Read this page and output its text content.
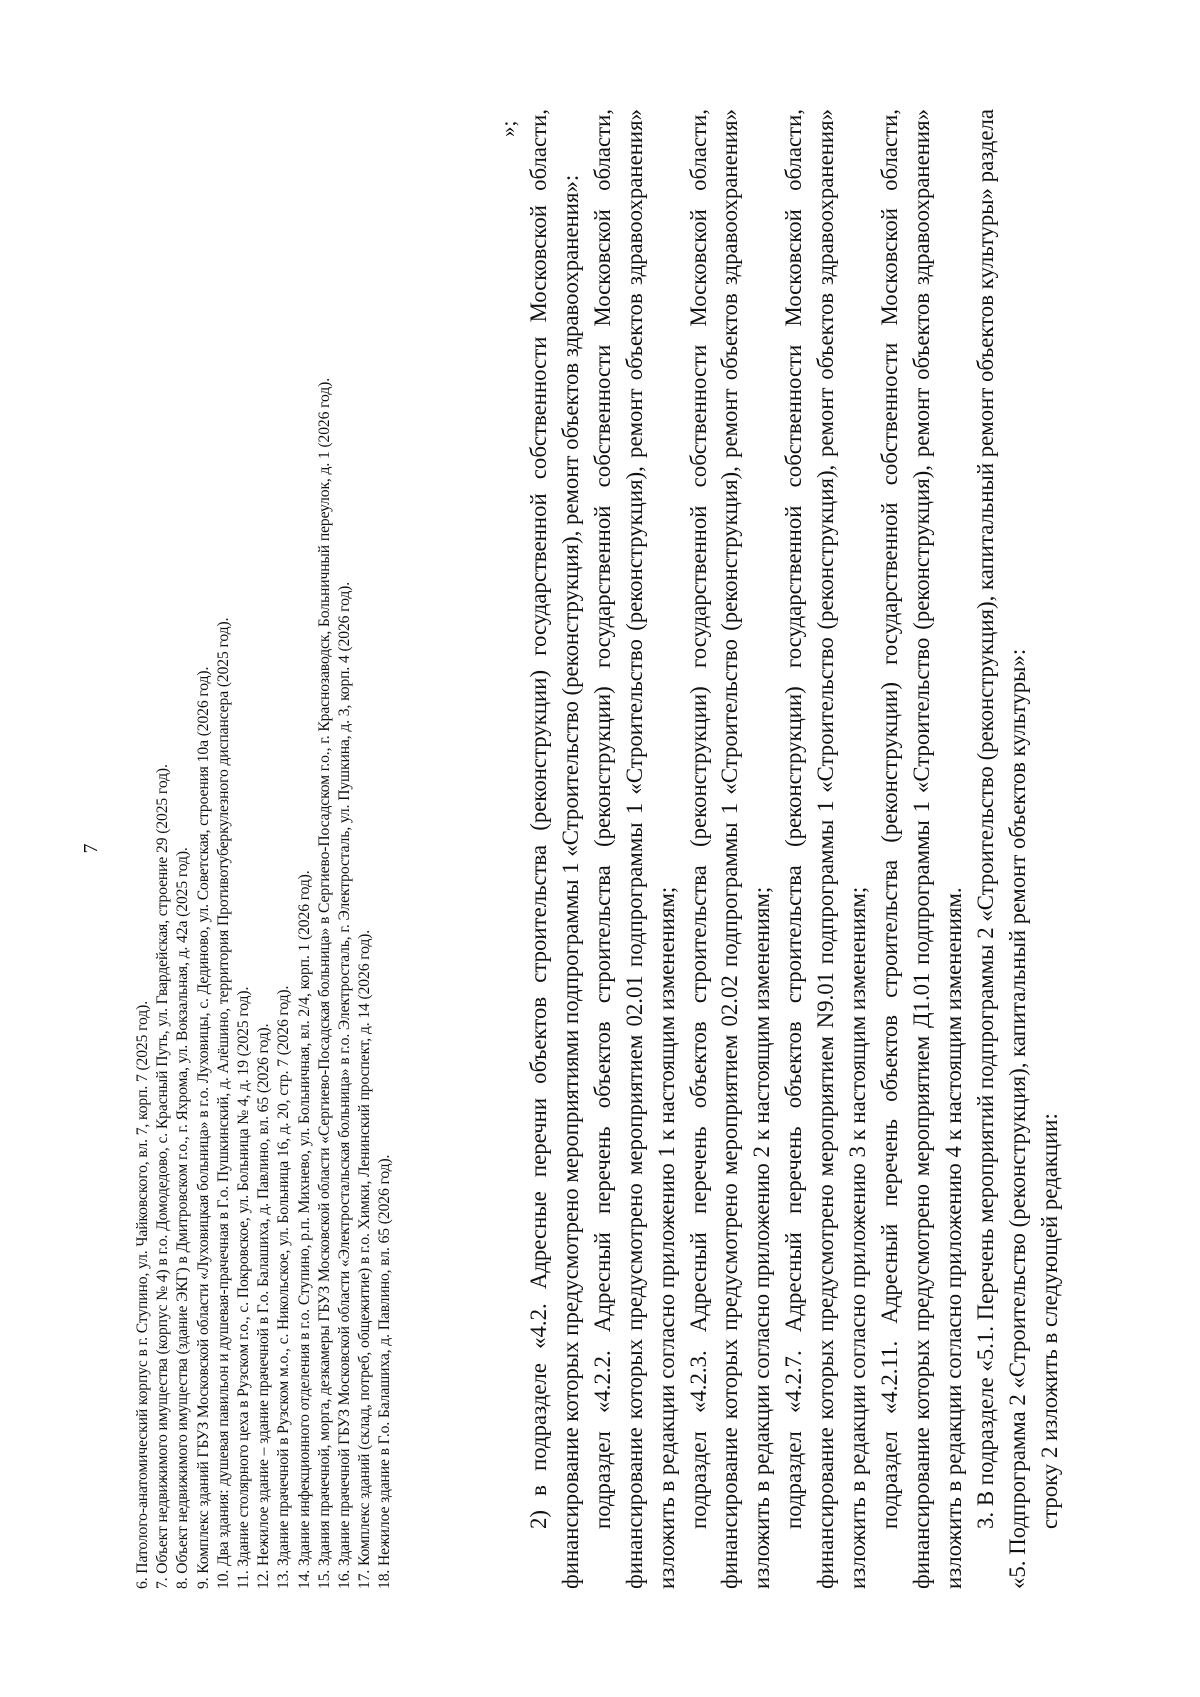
7

6. Патолого-анатомический корпус в г. Ступино, ул. Чайковского, вл. 7, корп. 7 (2025 год). 7. Объект недвижимого имущества (корпус № 4) в г.о. Домодедово, с. Красный Путь, ул. Гвардейская, строение 29 (2025 год). 8. Объект недвижимого имущества (здание ЭКГ) в Дмитровском г.о., г. Яхрома, ул. Вокзальная, д. 42а (2025 год). 9. Комплекс зданий ГБУЗ Московской области «Луховицкая больница» в г.о. Луховицы, с. Дединово, ул. Советская, строения 10а (2026 год). 10. Два здания: душевая павильон и душевая-прачечная в Г.о. Пушкинский, д. Алёшино, территория Противотуберкулезного диспансера (2025 год). 11. Здание столярного цеха в Рузском г.о., с. Покровское, ул. Больница № 4, д. 19 (2025 год). 12. Нежилое здание – здание прачечной в Г.о. Балашиха, д. Павлино, вл. 65 (2026 год). 13. Здание прачечной в Рузском м.о., с. Никольское, ул. Больница 16, д. 20, стр. 7 (2026 год). 14. Здание инфекционного отделения в г.о. Ступино, р.п. Михнево, ул. Больничная, вл. 2/4, корп. 1 (2026 год). 15. Здания прачечной, морга, дезкамеры ГБУЗ Московской области «Сергиево-Посадская больница» в Сергиево-Посадском г.о., г. Краснозаводск, Больничный переулок, д. 1 (2026 год). 16. Здание прачечной ГБУЗ Московской области «Электростальская больница» в г.о. Электросталь, г. Электросталь, ул. Пушкина, д. 3, корп. 4 (2026 год). 17. Комплекс зданий (склад, потреб, общежитие) в г.о. Химки, Ленинский проспект, д. 14 (2026 год). 18. Нежилое здание в Г.о. Балашиха, д. Павлино, вл. 65 (2026 год).

»; 2) в подразделе «4.2. Адресные перечни объектов строительства (реконструкции) государственной собственности Московской области, финансирование которых предусмотрено мероприятиями подпрограммы 1 «Строительство (реконструкция), ремонт объектов здравоохранения»: подраздел «4.2.2. Адресный перечень объектов строительства (реконструкции) государственной собственности Московской области, финансирование которых предусмотрено мероприятием 02.01 подпрограммы 1 «Строительство (реконструкция), ремонт объектов здравоохранения» изложить в редакции согласно приложению 1 к настоящим изменениям; подраздел «4.2.3. Адресный перечень объектов строительства (реконструкции) государственной собственности Московской области, финансирование которых предусмотрено мероприятием 02.02 подпрограммы 1 «Строительство (реконструкция), ремонт объектов здравоохранения» изложить в редакции согласно приложению 2 к настоящим изменениям; подраздел «4.2.7. Адресный перечень объектов строительства (реконструкции) государственной собственности Московской области, финансирование которых предусмотрено мероприятием N9.01 подпрограммы 1 «Строительство (реконструкция), ремонт объектов здравоохранения» изложить в редакции согласно приложению 3 к настоящим изменениям; подраздел «4.2.11. Адресный перечень объектов строительства (реконструкции) государственной собственности Московской области, финансирование которых предусмотрено мероприятием Д1.01 подпрограммы 1 «Строительство (реконструкция), ремонт объектов здравоохранения» изложить в редакции согласно приложению 4 к настоящим изменениям. 3. В подразделе «5.1. Перечень мероприятий подпрограммы 2 «Строительство (реконструкция), капитальный ремонт объектов культуры» раздела «5. Подпрограмма 2 «Строительство (реконструкция), капитальный ремонт объектов культуры»: строку 2 изложить в следующей редакции:
